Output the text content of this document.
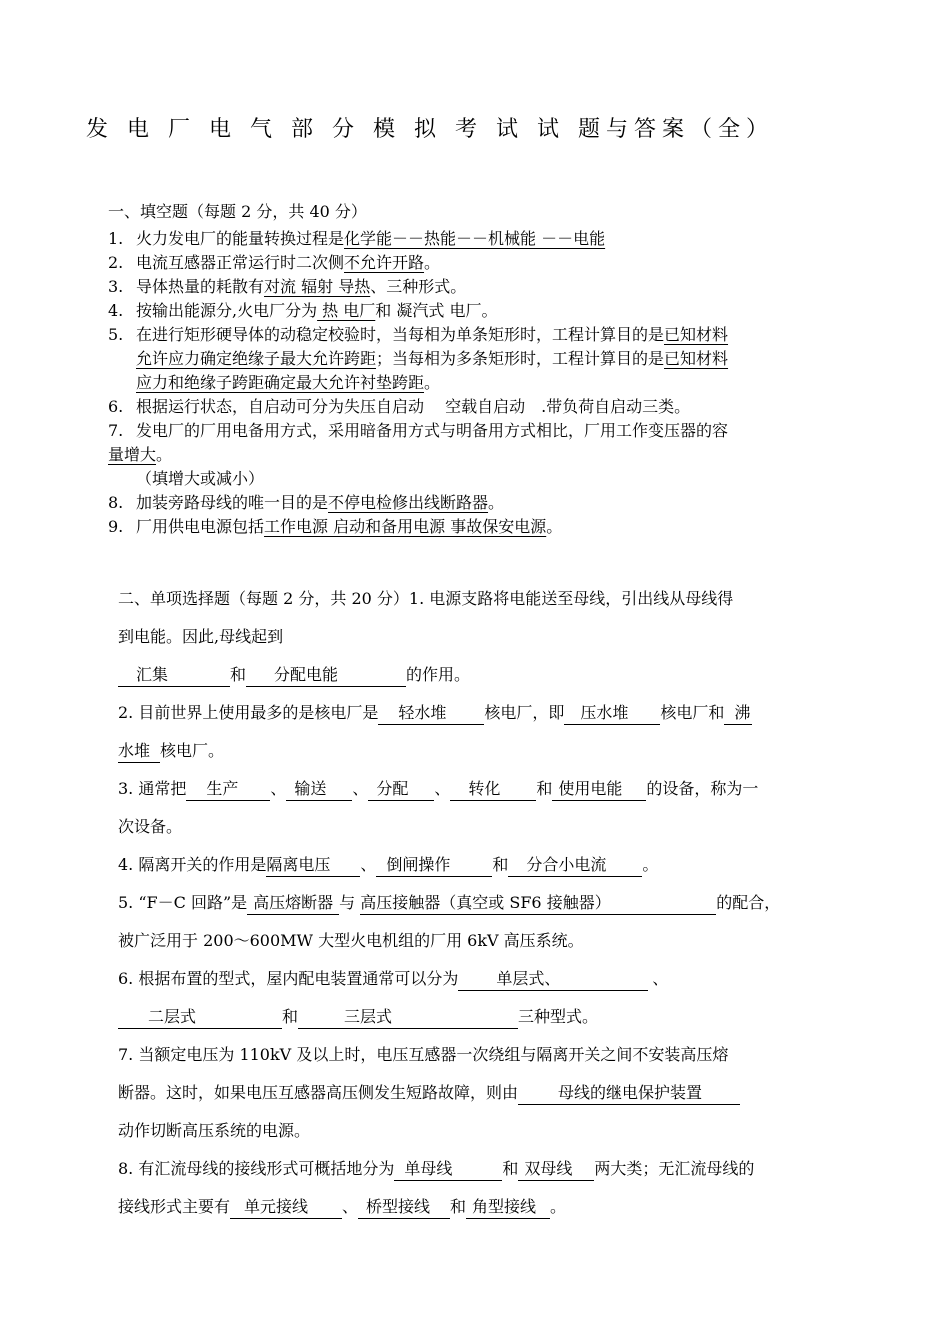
发 电 厂 电 气 部 分 模 拟 考 试 试 题与答案（全）
一、填空题（每题 2 分，共 40 分）
1. 火力发电厂的能量转换过程是化学能－－热能－－机械能 －－电能
2. 电流互感器正常运行时二次侧不允许开路。
3. 导体热量的耗散有对流 辐射 导热、三种形式。
4. 按输出能源分,火电厂分为 热 电厂和 凝汽式 电厂。
5. 在进行矩形硬导体的动稳定校验时，当每相为单条矩形时，工程计算目的是已知材料
允许应力确定绝缘子最大允许跨距；当每相为多条矩形时，工程计算目的是已知材料
应力和绝缘子跨距确定最大允许衬垫跨距。
6. 根据运行状态，自启动可分为失压自启动　 空载自启动　.带负荷自启动三类。
7. 发电厂的厂用电备用方式，采用暗备用方式与明备用方式相比，厂用工作变压器的容
量增大。
（填增大或减小）
8. 加装旁路母线的唯一目的是不停电检修出线断路器。
9. 厂用供电电源包括工作电源 启动和备用电源 事故保安电源。
二、单项选择题（每题 2 分，共 20 分）1. 电源支路将电能送至母线，引出线从母线得
到电能。因此,母线起到
汇集	和 分配电能	的作用。
2. 目前世界上使用最多的是核电厂是 轻水堆 核电厂，即 压水堆 核电厂和 沸
水堆 核电厂。
3. 通常把 生产 、 输送 、 分配 、 转化 和 使用电能 的设备，称为一
次设备。
4. 隔离开关的作用是隔离电压 、 倒闸操作	和 分合小电流 。
5. “F－C 回路”是 高压熔断器 与 高压接触器（真空或 SF6 接触器）	的配合，
被广泛用于 200～600MW 大型火电机组的厂用 6kV 高压系统。
6. 根据布置的型式，屋内配电装置通常可以分为 单层式、	、
二层式	和	三层式	三种型式。
7. 当额定电压为 110kV 及以上时，电压互感器一次绕组与隔离开关之间不安装高压熔
断器。这时，如果电压互感器高压侧发生短路故障，则由	母线的继电保护装置
动作切断高压系统的电源。
8. 有汇流母线的接线形式可概括地分为 单母线	和 双母线 两大类；无汇流母线的
接线形式主要有 单元接线 、 桥型接线 和 角型接线 。
